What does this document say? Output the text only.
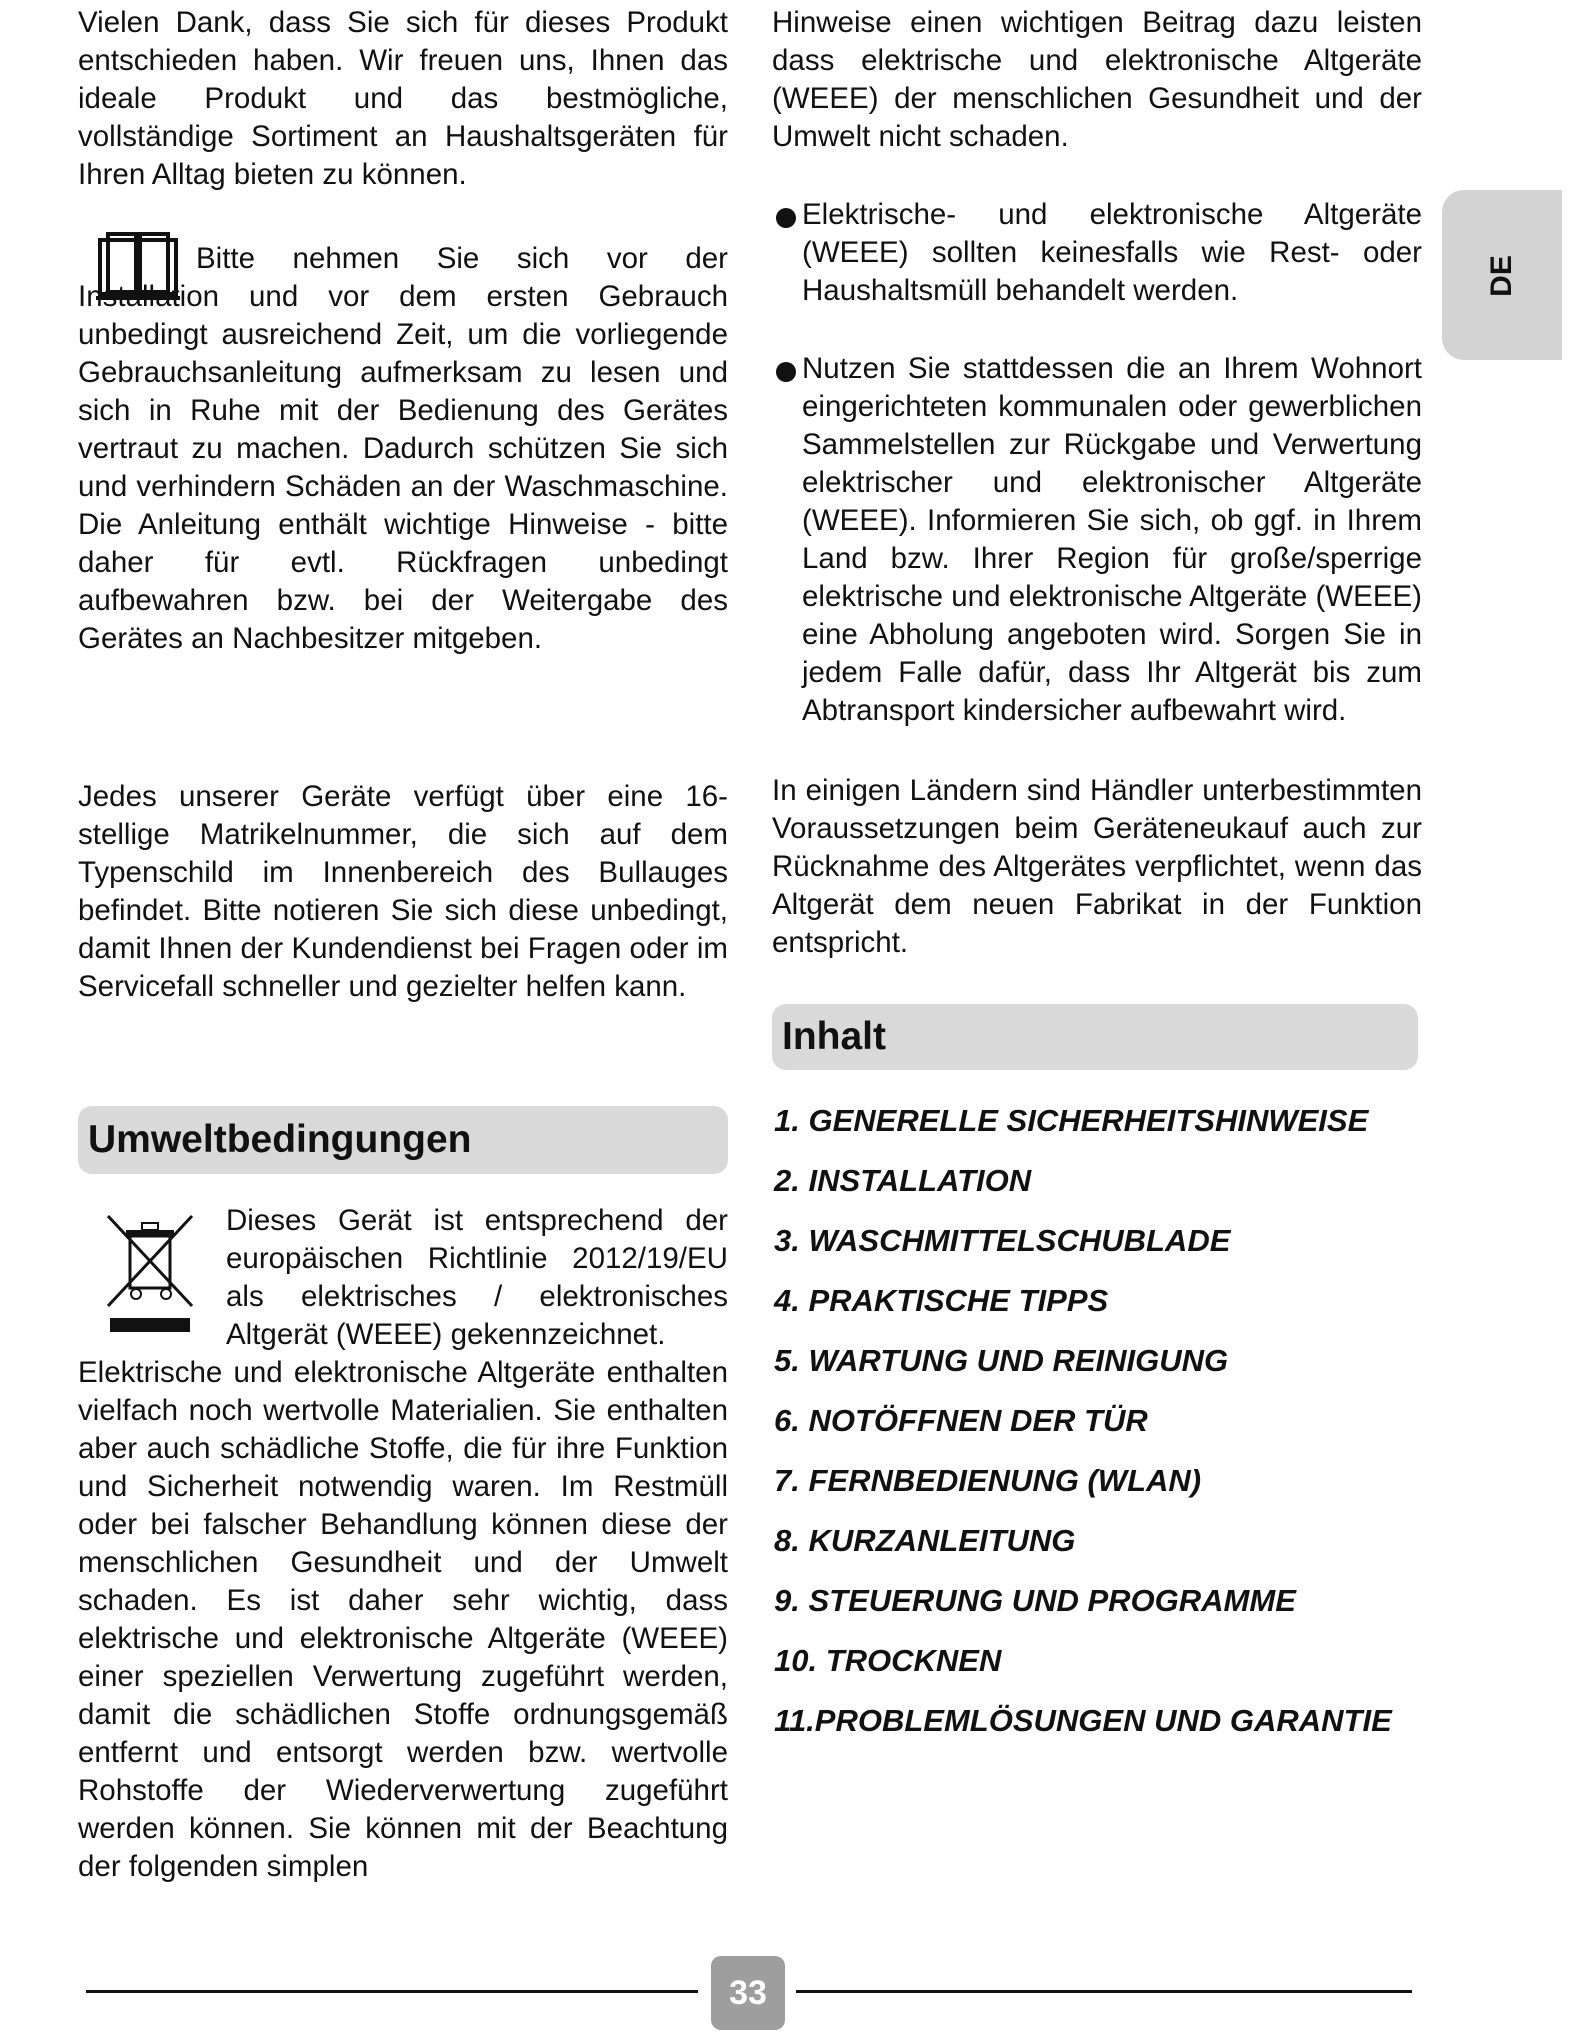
Vielen Dank, dass Sie sich für dieses Produkt entschieden haben. Wir freuen uns, Ihnen das ideale Produkt und das bestmögliche, vollständige Sortiment an Haushaltsgeräten für Ihren Alltag bieten zu können.

Bitte nehmen Sie sich vor der Installation und vor dem ersten Gebrauch unbedingt ausreichend Zeit, um die vorliegende Gebrauchsanleitung aufmerksam zu lesen und sich in Ruhe mit der Bedienung des Gerätes vertraut zu machen. Dadurch schützen Sie sich und verhindern Schäden an der Waschmaschine. Die Anleitung enthält wichtige Hinweise - bitte daher für evtl. Rückfragen unbedingt aufbewahren bzw. bei der Weitergabe des Gerätes an Nachbesitzer mitgeben.

Jedes unserer Geräte verfügt über eine 16-stellige Matrikelnummer, die sich auf dem Typenschild im Innenbereich des Bullauges befindet. Bitte notieren Sie sich diese unbedingt, damit Ihnen der Kundendienst bei Fragen oder im Servicefall schneller und gezielter helfen kann.

Umweltbedingungen

Dieses Gerät ist entsprechend der europäischen Richtlinie 2012/19/EU als elektrisches / elektronisches Altgerät (WEEE) gekennzeichnet.

Elektrische und elektronische Altgeräte enthalten vielfach noch wertvolle Materialien. Sie enthalten aber auch schädliche Stoffe, die für ihre Funktion und Sicherheit notwendig waren. Im Restmüll oder bei falscher Behandlung können diese der menschlichen Gesundheit und der Umwelt schaden. Es ist daher sehr wichtig, dass elektrische und elektronische Altgeräte (WEEE) einer speziellen Verwertung zugeführt werden, damit die schädlichen Stoffe ordnungsgemäß entfernt und entsorgt werden bzw. wertvolle Rohstoffe der Wiederverwertung zugeführt werden können. Sie können mit der Beachtung der folgenden simplen

Hinweise einen wichtigen Beitrag dazu leisten dass elektrische und elektronische Altgeräte (WEEE) der menschlichen Gesundheit und der Umwelt nicht schaden.

Elektrische- und elektronische Altgeräte (WEEE) sollten keinesfalls wie Rest- oder Haushaltsmüll behandelt werden.

Nutzen Sie stattdessen die an Ihrem Wohnort eingerichteten kommunalen oder gewerblichen Sammelstellen zur Rückgabe und Verwertung elektrischer und elektronischer Altgeräte (WEEE). Informieren Sie sich, ob ggf. in Ihrem Land bzw. Ihrer Region für große/sperrige elektrische und elektronische Altgeräte (WEEE) eine Abholung angeboten wird. Sorgen Sie in jedem Falle dafür, dass Ihr Altgerät bis zum Abtransport kindersicher aufbewahrt wird.

In einigen Ländern sind Händler unterbestimmten Voraussetzungen beim Geräteneukauf auch zur Rücknahme des Altgerätes verpflichtet, wenn das Altgerät dem neuen Fabrikat in der Funktion entspricht.

Inhalt
1. GENERELLE SICHERHEITSHINWEISE
2. INSTALLATION
3. WASCHMITTELSCHUBLADE
4. PRAKTISCHE TIPPS
5. WARTUNG UND REINIGUNG
6. NOTÖFFNEN DER TÜR
7. FERNBEDIENUNG (WLAN)
8. KURZANLEITUNG
9. STEUERUNG UND PROGRAMME
10. TROCKNEN
11.PROBLEMLÖSUNGEN UND GARANTIE
DE
33
